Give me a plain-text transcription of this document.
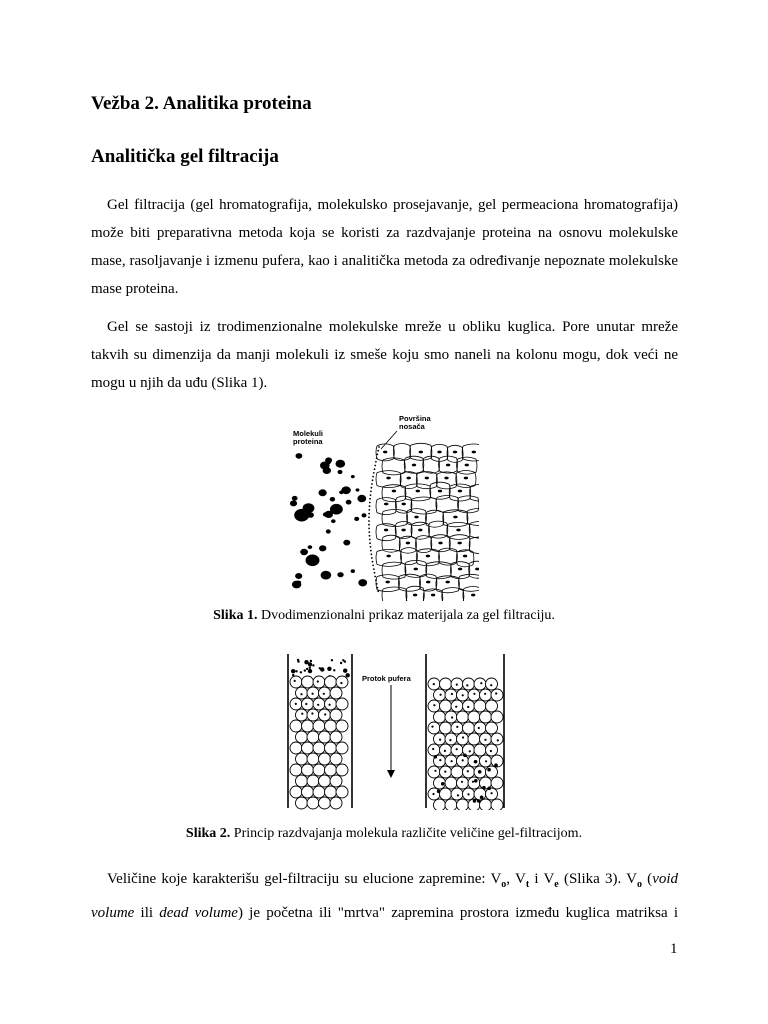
Vežba 2. Analitika proteina
Analitička gel filtracija

Gel filtracija (gel hromatografija, molekulsko prosejavanje, gel permeaciona hromatografija)
može biti preparativna metoda koja se koristi za razdvajanje proteina na osnovu molekulske
mase, rasoljavanje i izmenu pufera, kao i analitička metoda za određivanje nepoznate molekulske
mase proteina.

Gel se sastoji iz trodimenzionalne molekulske mreže u obliku kuglica. Pore unutar mreže
takvih su dimenzija da manji molekuli iz smeše koju smo naneli na kolonu mogu, dok veći ne
mogu u njih da uđu (Slika 1).

Molekuli
proteina
Površina
nosača

Slika 1. Dvodimenzionalni prikaz materijala za gel filtraciju.

Protok pufera

Slika 2. Princip razdvajanja molekula različite veličine gel-filtracijom.

Veličine koje karakterišu gel-filtraciju su elucione zapremine: $V_o$, $V_t$ i $V_e$ (Slika 3). $V_o$ (void
volume ili dead volume) je početna ili "mrtva" zapremina prostora između kuglica matriksa i

1
